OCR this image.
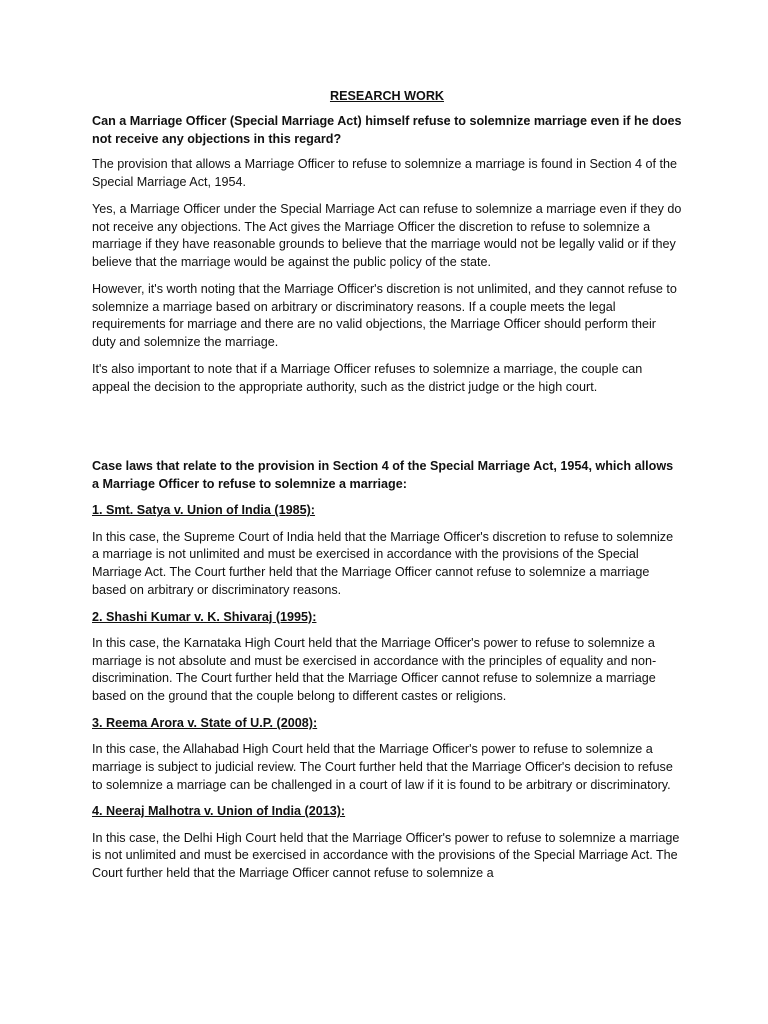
RESEARCH WORK
Can a Marriage Officer (Special Marriage Act) himself refuse to solemnize marriage even if he does not receive any objections in this regard?

The provision that allows a Marriage Officer to refuse to solemnize a marriage is found in Section 4 of the Special Marriage Act, 1954.

Yes, a Marriage Officer under the Special Marriage Act can refuse to solemnize a marriage even if they do not receive any objections. The Act gives the Marriage Officer the discretion to refuse to solemnize a marriage if they have reasonable grounds to believe that the marriage would not be legally valid or if they believe that the marriage would be against the public policy of the state.

However, it's worth noting that the Marriage Officer's discretion is not unlimited, and they cannot refuse to solemnize a marriage based on arbitrary or discriminatory reasons. If a couple meets the legal requirements for marriage and there are no valid objections, the Marriage Officer should perform their duty and solemnize the marriage.

It's also important to note that if a Marriage Officer refuses to solemnize a marriage, the couple can appeal the decision to the appropriate authority, such as the district judge or the high court.

Case laws that relate to the provision in Section 4 of the Special Marriage Act, 1954, which allows a Marriage Officer to refuse to solemnize a marriage:
1. Smt. Satya v. Union of India (1985):

In this case, the Supreme Court of India held that the Marriage Officer's discretion to refuse to solemnize a marriage is not unlimited and must be exercised in accordance with the provisions of the Special Marriage Act. The Court further held that the Marriage Officer cannot refuse to solemnize a marriage based on arbitrary or discriminatory reasons.

2. Shashi Kumar v. K. Shivaraj (1995):

In this case, the Karnataka High Court held that the Marriage Officer's power to refuse to solemnize a marriage is not absolute and must be exercised in accordance with the principles of equality and non-discrimination. The Court further held that the Marriage Officer cannot refuse to solemnize a marriage based on the ground that the couple belong to different castes or religions.

3. Reema Arora v. State of U.P. (2008):

In this case, the Allahabad High Court held that the Marriage Officer's power to refuse to solemnize a marriage is subject to judicial review. The Court further held that the Marriage Officer's decision to refuse to solemnize a marriage can be challenged in a court of law if it is found to be arbitrary or discriminatory.

4. Neeraj Malhotra v. Union of India (2013):

In this case, the Delhi High Court held that the Marriage Officer's power to refuse to solemnize a marriage is not unlimited and must be exercised in accordance with the provisions of the Special Marriage Act. The Court further held that the Marriage Officer cannot refuse to solemnize a
